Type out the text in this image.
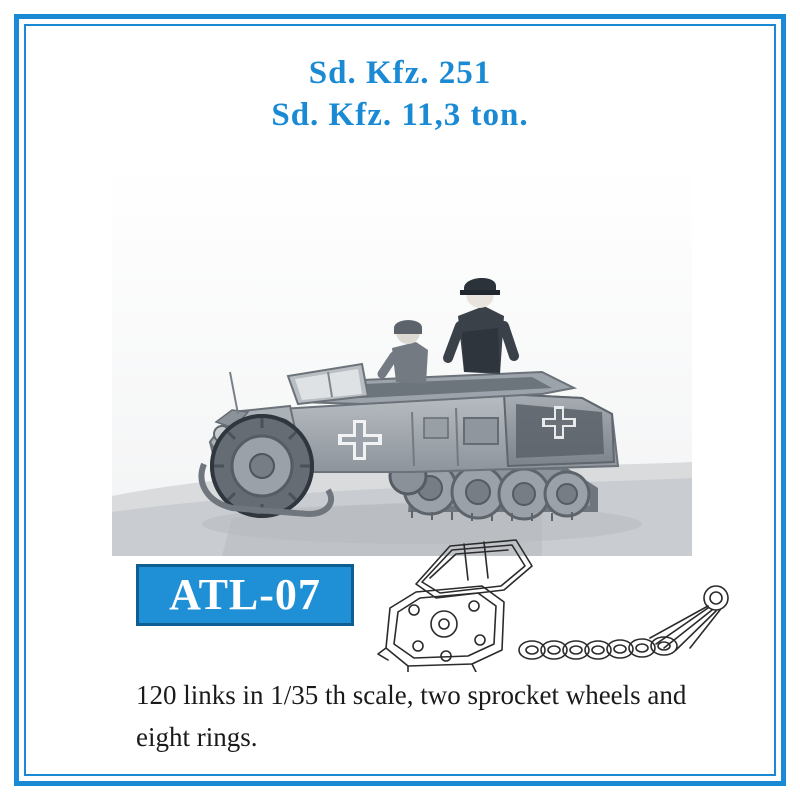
Sd. Kfz. 251
Sd. Kfz. 11,3 ton.
ATL-07
120 links in 1/35 th scale, two sprocket wheels and eight rings.
